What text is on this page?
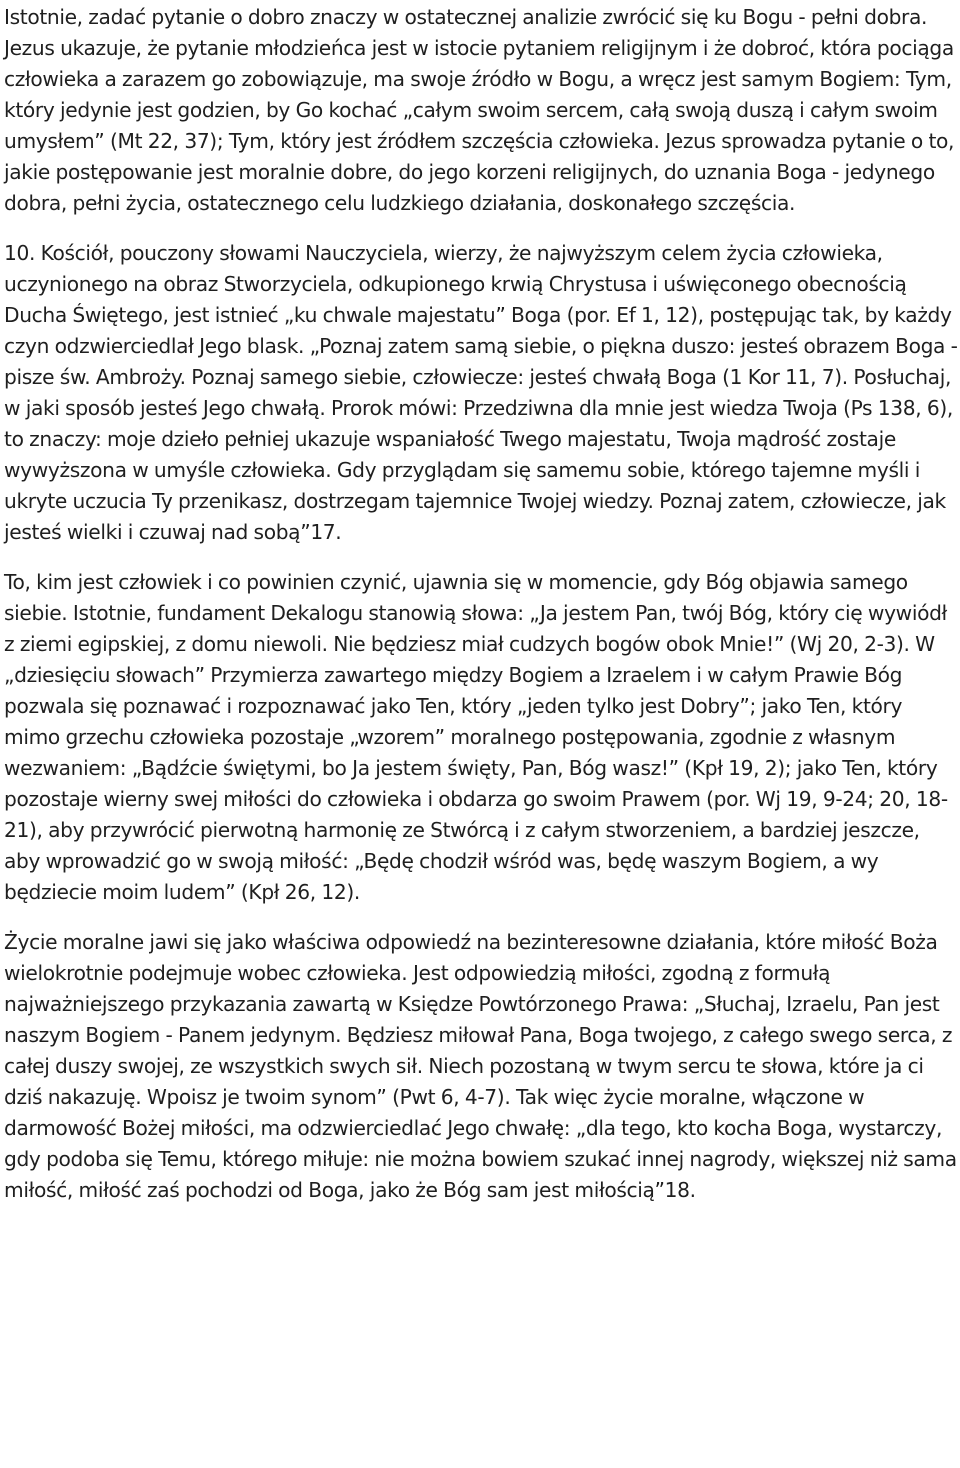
Istotnie, zadać pytanie o dobro znaczy w ostatecznej analizie zwrócić się ku Bogu - pełni dobra. Jezus ukazuje, że pytanie młodzieńca jest w istocie pytaniem religijnym i że dobroć, która pociąga człowieka a zarazem go zobowiązuje, ma swoje źródło w Bogu, a wręcz jest samym Bogiem: Tym, który jedynie jest godzien, by Go kochać „całym swoim sercem, całą swoją duszą i całym swoim umysłem” (Mt 22, 37); Tym, który jest źródłem szczęścia człowieka. Jezus sprowadza pytanie o to, jakie postępowanie jest moralnie dobre, do jego korzeni religijnych, do uznania Boga - jedynego dobra, pełni życia, ostatecznego celu ludzkiego działania, doskonałego szczęścia.

10. Kościół, pouczony słowami Nauczyciela, wierzy, że najwyższym celem życia człowieka, uczynionego na obraz Stworzyciela, odkupionego krwią Chrystusa i uświęconego obecnością Ducha Świętego, jest istnieć „ku chwale majestatu” Boga (por. Ef 1, 12), postępując tak, by każdy czyn odzwierciedlał Jego blask. „Poznaj zatem samą siebie, o piękna duszo: jesteś obrazem Boga - pisze św. Ambroży. Poznaj samego siebie, człowiecze: jesteś chwałą Boga (1 Kor 11, 7). Posłuchaj, w jaki sposób jesteś Jego chwałą. Prorok mówi: Przedziwna dla mnie jest wiedza Twoja (Ps 138, 6), to znaczy: moje dzieło pełniej ukazuje wspaniałość Twego majestatu, Twoja mądrość zostaje wywyższona w umyśle człowieka. Gdy przyglądam się samemu sobie, którego tajemne myśli i ukryte uczucia Ty przenikasz, dostrzegam tajemnice Twojej wiedzy. Poznaj zatem, człowiecze, jak jesteś wielki i czuwaj nad sobą”17.

To, kim jest człowiek i co powinien czynić, ujawnia się w momencie, gdy Bóg objawia samego siebie. Istotnie, fundament Dekalogu stanowią słowa: „Ja jestem Pan, twój Bóg, który cię wywiódł z ziemi egipskiej, z domu niewoli. Nie będziesz miał cudzych bogów obok Mnie!” (Wj 20, 2-3). W „dziesięciu słowach” Przymierza zawartego między Bogiem a Izraelem i w całym Prawie Bóg pozwala się poznawać i rozpoznawać jako Ten, który „jeden tylko jest Dobry”; jako Ten, który mimo grzechu człowieka pozostaje „wzorem” moralnego postępowania, zgodnie z własnym wezwaniem: „Bądźcie świętymi, bo Ja jestem święty, Pan, Bóg wasz!” (Kpł 19, 2); jako Ten, który pozostaje wierny swej miłości do człowieka i obdarza go swoim Prawem (por. Wj 19, 9-24; 20, 18-21), aby przywrócić pierwotną harmonię ze Stwórcą i z całym stworzeniem, a bardziej jeszcze, aby wprowadzić go w swoją miłość: „Będę chodził wśród was, będę waszym Bogiem, a wy będziecie moim ludem” (Kpł 26, 12).

Życie moralne jawi się jako właściwa odpowiedź na bezinteresowne działania, które miłość Boża wielokrotnie podejmuje wobec człowieka. Jest odpowiedzią miłości, zgodną z formułą najważniejszego przykazania zawartą w Księdze Powtórzonego Prawa: „Słuchaj, Izraelu, Pan jest naszym Bogiem - Panem jedynym. Będziesz miłował Pana, Boga twojego, z całego swego serca, z całej duszy swojej, ze wszystkich swych sił. Niech pozostaną w twym sercu te słowa, które ja ci dziś nakazuję. Wpoisz je twoim synom” (Pwt 6, 4-7). Tak więc życie moralne, włączone w darmowość Bożej miłości, ma odzwierciedlać Jego chwałę: „dla tego, kto kocha Boga, wystarczy, gdy podoba się Temu, którego miłuje: nie można bowiem szukać innej nagrody, większej niż sama miłość, miłość zaś pochodzi od Boga, jako że Bóg sam jest miłością”18.
